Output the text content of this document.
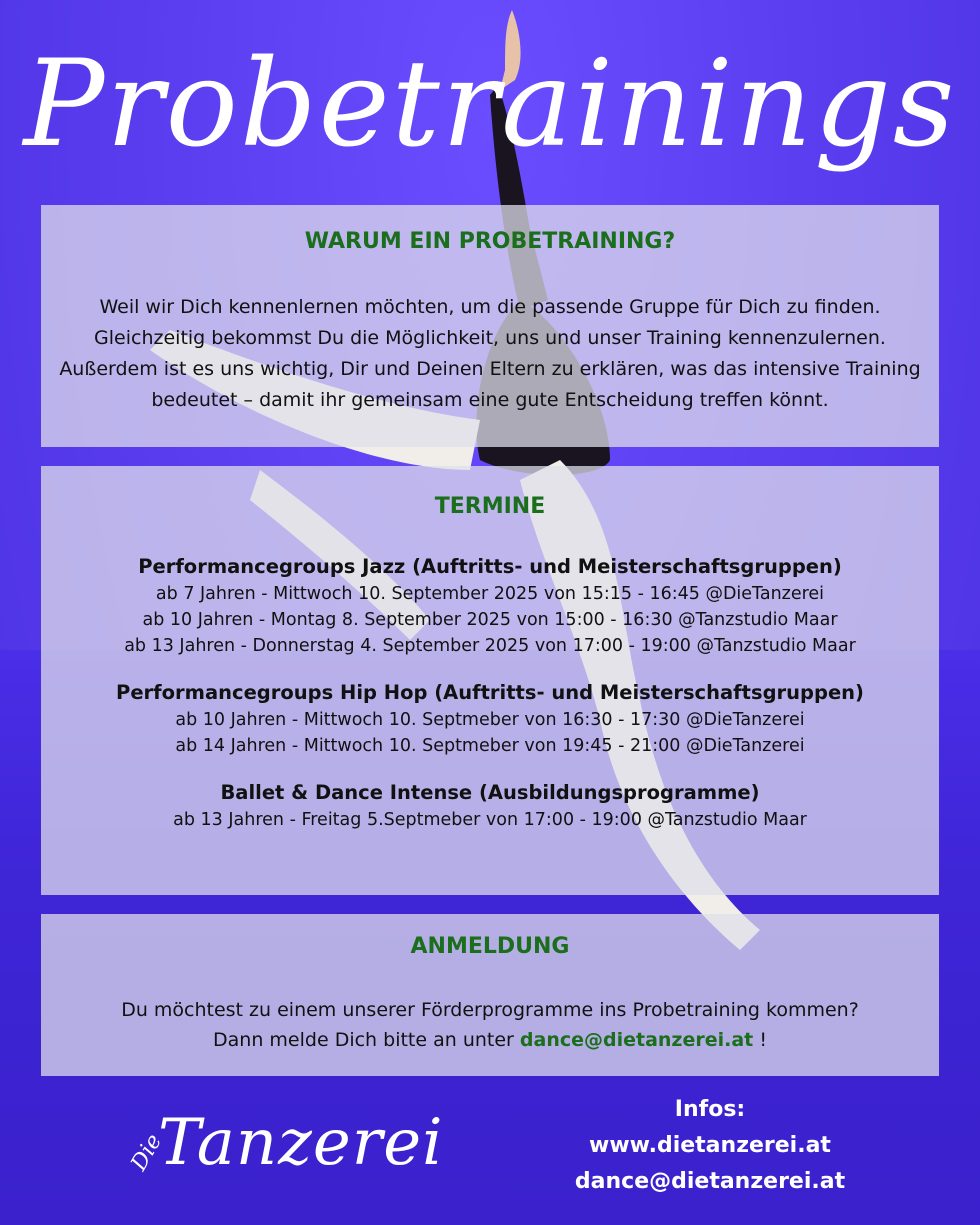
Probetrainings

WARUM EIN PROBETRAINING?

Weil wir Dich kennenlernen möchten, um die passende Gruppe für Dich zu finden. Gleichzeitig bekommst Du die Möglichkeit, uns und unser Training kennenzulernen. Außerdem ist es uns wichtig, Dir und Deinen Eltern zu erklären, was das intensive Training bedeutet – damit ihr gemeinsam eine gute Entscheidung treffen könnt.

TERMINE

Performancegroups Jazz (Auftritts- und Meisterschaftsgruppen)
ab 7 Jahren - Mittwoch 10. September 2025 von 15:15 - 16:45 @DieTanzerei
ab 10 Jahren - Montag 8. September 2025 von 15:00 - 16:30 @Tanzstudio Maar
ab 13 Jahren - Donnerstag 4. September 2025 von 17:00 - 19:00 @Tanzstudio Maar
Performancegroups Hip Hop (Auftritts- und Meisterschaftsgruppen)
ab 10 Jahren - Mittwoch 10. Septmeber von 16:30 - 17:30 @DieTanzerei
ab 14 Jahren - Mittwoch 10. Septmeber von 19:45 - 21:00 @DieTanzerei
Ballet & Dance Intense (Ausbildungsprogramme)
ab 13 Jahren - Freitag 5.Septmeber von 17:00 - 19:00 @Tanzstudio Maar

ANMELDUNG

Du möchtest zu einem unserer Förderprogramme ins Probetraining kommen?
Dann melde Dich bitte an unter dance@dietanzerei.at !

Die
Tanzerei	Infos:
www.dietanzerei.at
dance@dietanzerei.at
